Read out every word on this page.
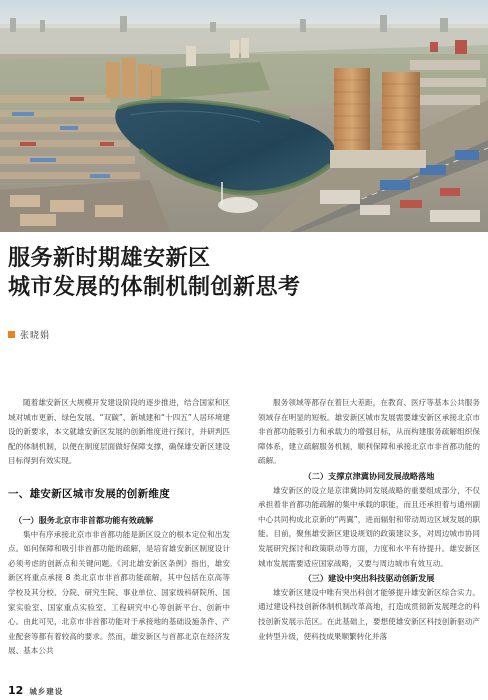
服务新时期雄安新区
城市发展的体制机制创新思考
张晓娟

随着雄安新区大规模开发建设阶段的逐步推进，结合国家和区域对城市更新、绿色发展、“双碳”、新城建和“十四五”人居环境建设的新要求，本文就雄安新区发展的创新维度进行探讨，并研判匹配的体制机制，以便在制度层面做好保障支撑，确保雄安新区建设目标得到有效实现。

一、雄安新区城市发展的创新维度
（一）服务北京市非首都功能有效疏解

集中有序承接北京市非首都功能是新区设立的根本定位和出发点。如何保障和吸引非首都功能的疏解，是培育雄安新区制度设计必须考虑的创新点和关键问题。《河北雄安新区条例》指出，雄安新区将重点承接 8 类北京市非首都功能疏解，其中包括在京高等学校及其分校、分院、研究生院、事业单位、国家级科研院所、国家实验室、国家重点实验室、工程研究中心等创新平台、创新中心。由此可见，北京市非首都功能对于承接地的基础设施条件、产业配套等都有着较高的要求。然而，雄安新区与首都北京在经济发展、基本公共

服务领域等都存在着巨大差距，在教育、医疗等基本公共服务领域存在明显的短板。雄安新区城市发展需要雄安新区承接北京市非首都功能吸引力和承载力的增强目标，从而构建服务疏解组织保障体系，建立疏解服务机制，顺利保障和承接北京市非首都功能的疏解。

（二）支撑京津冀协同发展战略落地

雄安新区的设立是京津冀协同发展战略的重要组成部分，不仅承担着非首都功能疏解的集中承载的职能，而且还承担着与通州副中心共同构成北京新的“两翼”，进而辐射和带动周边区域发展的职能。目前，聚焦雄安新区建设规划的政策建议多，对周边城市协同发展研究探讨和政策联动等方面，力度和水平有待提升。雄安新区城市发展需要适应国家战略，又要与周边城市有效互动。

（三）建设中突出科技驱动创新发展

雄安新区建设中唯有突出科创才能够提升雄安新区综合实力。通过建设科技创新体制机制改革高地，打造成贯彻新发展理念的科技创新发展示范区。在此基础上，要想使雄安新区科技创新驱动产业转型升级，使科技成果顺繁转化并落

12 城乡建设
